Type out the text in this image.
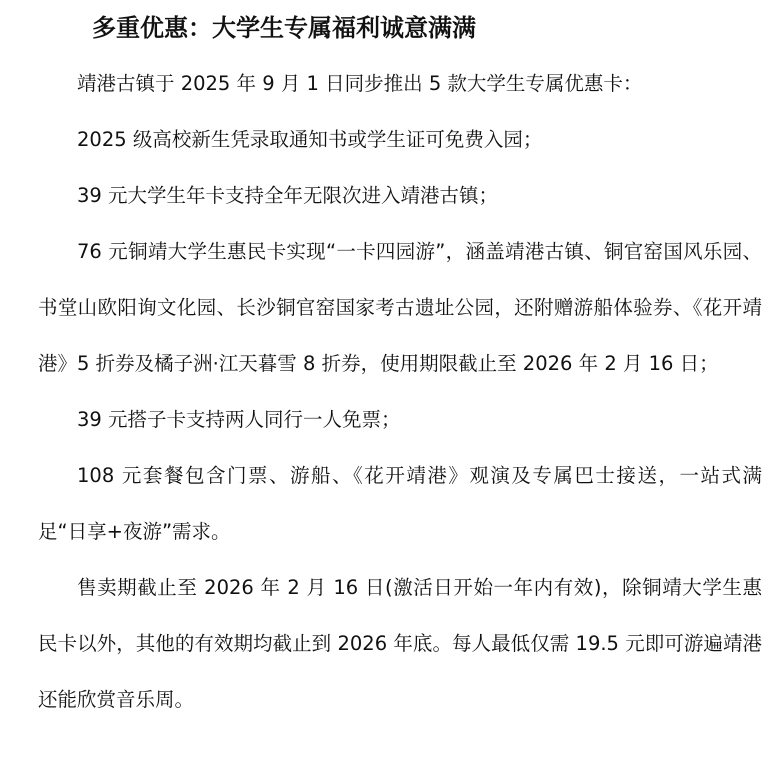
多重优惠：大学生专属福利诚意满满

靖港古镇于 2025 年 9 月 1 日同步推出 5 款大学生专属优惠卡：

2025 级高校新生凭录取通知书或学生证可免费入园；

39 元大学生年卡支持全年无限次进入靖港古镇；

76 元铜靖大学生惠民卡实现“一卡四园游”，涵盖靖港古镇、铜官窑国风乐园、书堂山欧阳询文化园、长沙铜官窑国家考古遗址公园，还附赠游船体验券、《花开靖港》5 折券及橘子洲·江天暮雪 8 折券，使用期限截止至 2026 年 2 月 16 日；

39 元搭子卡支持两人同行一人免票；

108 元套餐包含门票、游船、《花开靖港》观演及专属巴士接送，一站式满足“日享+夜游”需求。

售卖期截止至 2026 年 2 月 16 日(激活日开始一年内有效)，除铜靖大学生惠民卡以外，其他的有效期均截止到 2026 年底。每人最低仅需 19.5 元即可游遍靖港还能欣赏音乐周。
